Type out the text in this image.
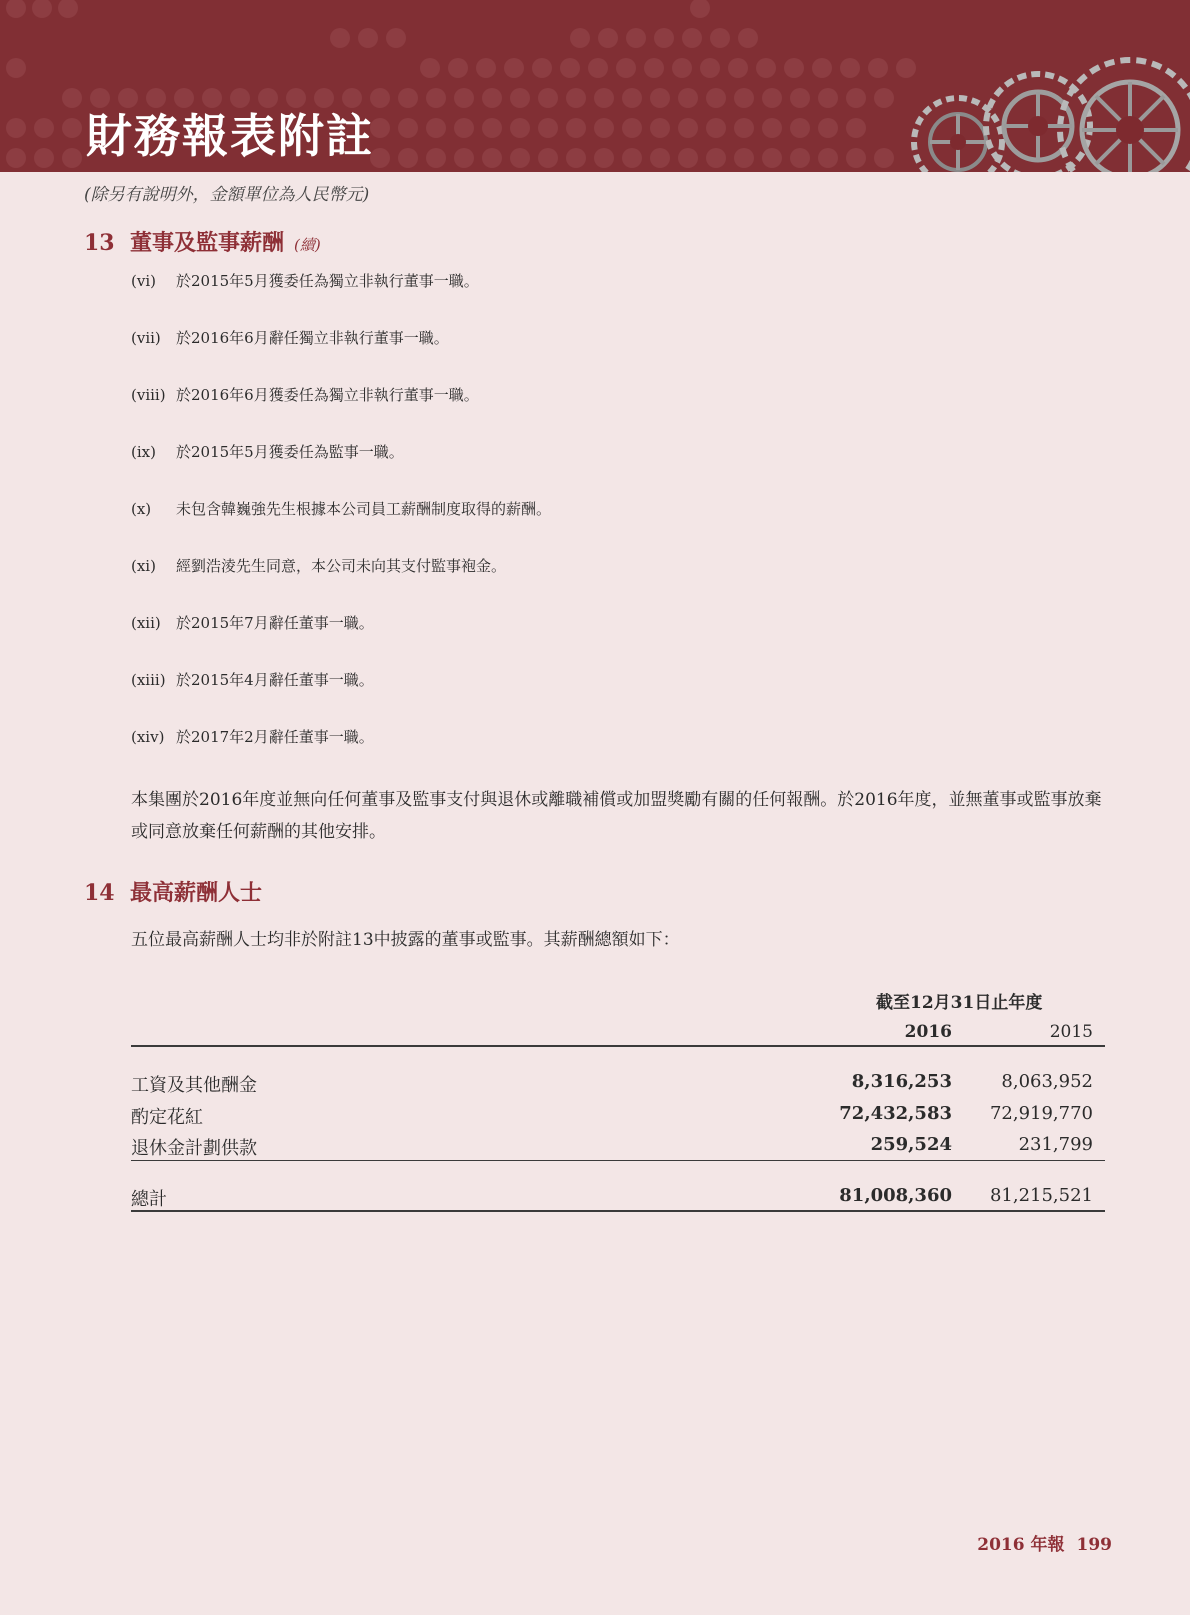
財務報表附註
(除另有說明外，金額單位為人民幣元)
13 董事及監事薪酬 (續)
(vi) 於2015年5月獲委任為獨立非執行董事一職。
(vii) 於2016年6月辭任獨立非執行董事一職。
(viii) 於2016年6月獲委任為獨立非執行董事一職。
(ix) 於2015年5月獲委任為監事一職。
(x) 未包含韓巍強先生根據本公司員工薪酬制度取得的薪酬。
(xi) 經劉浩淩先生同意，本公司未向其支付監事袍金。
(xii) 於2015年7月辭任董事一職。
(xiii) 於2015年4月辭任董事一職。
(xiv) 於2017年2月辭任董事一職。
本集團於2016年度並無向任何董事及監事支付與退休或離職補償或加盟獎勵有關的任何報酬。於2016年度，並無董事或監事放棄或同意放棄任何薪酬的其他安排。
14 最高薪酬人士
五位最高薪酬人士均非於附註13中披露的董事或監事。其薪酬總額如下：
截至12月31日止年度
2016	2015
工資及其他酬金	8,316,253	8,063,952
酌定花紅	72,432,583	72,919,770
退休金計劃供款	259,524	231,799
總計	81,008,360	81,215,521
2016 年報 199
